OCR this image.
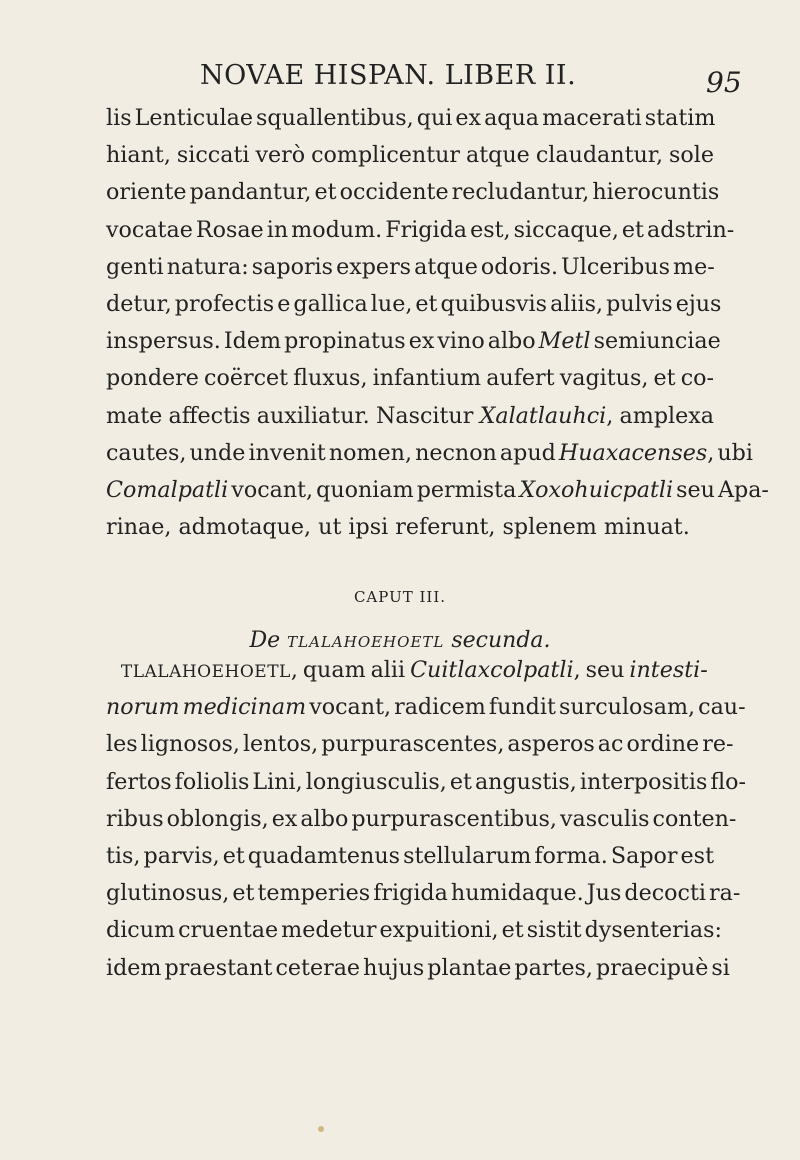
NOVAE HISPAN. LIBER II.	95
lis Lenticulae squallentibus, qui ex aqua macerati statim
hiant, siccati verò complicentur atque claudantur, sole
oriente pandantur, et occidente recludantur, hierocuntis
vocatae Rosae in modum. Frigida est, siccaque, et adstrin-
genti natura: saporis expers atque odoris. Ulceribus me-
detur, profectis e gallica lue, et quibusvis aliis, pulvis ejus
inspersus. Idem propinatus ex vino albo Metl semiunciae
pondere coërcet fluxus, infantium aufert vagitus, et co-
mate affectis auxiliatur. Nascitur Xalatlauhci, amplexa
cautes, unde invenit nomen, necnon apud Huaxacenses, ubi
Comalpatli vocant, quoniam permista Xoxohuicpatli seu Apa-
rinae, admotaque, ut ipsi referunt, splenem minuat.
CAPUT III.
De TLALAHOEHOETL secunda.
TLALAHOEHOETL, quam alii Cuitlaxcolpatli, seu intesti-
norum medicinam vocant, radicem fundit surculosam, cau-
les lignosos, lentos, purpurascentes, asperos ac ordine re-
fertos foliolis Lini, longiusculis, et angustis, interpositis flo-
ribus oblongis, ex albo purpurascentibus, vasculis conten-
tis, parvis, et quadamtenus stellularum forma. Sapor est
glutinosus, et temperies frigida humidaque. Jus decocti ra-
dicum cruentae medetur expuitioni, et sistit dysenterias:
idem praestant ceterae hujus plantae partes, praecipuè si
